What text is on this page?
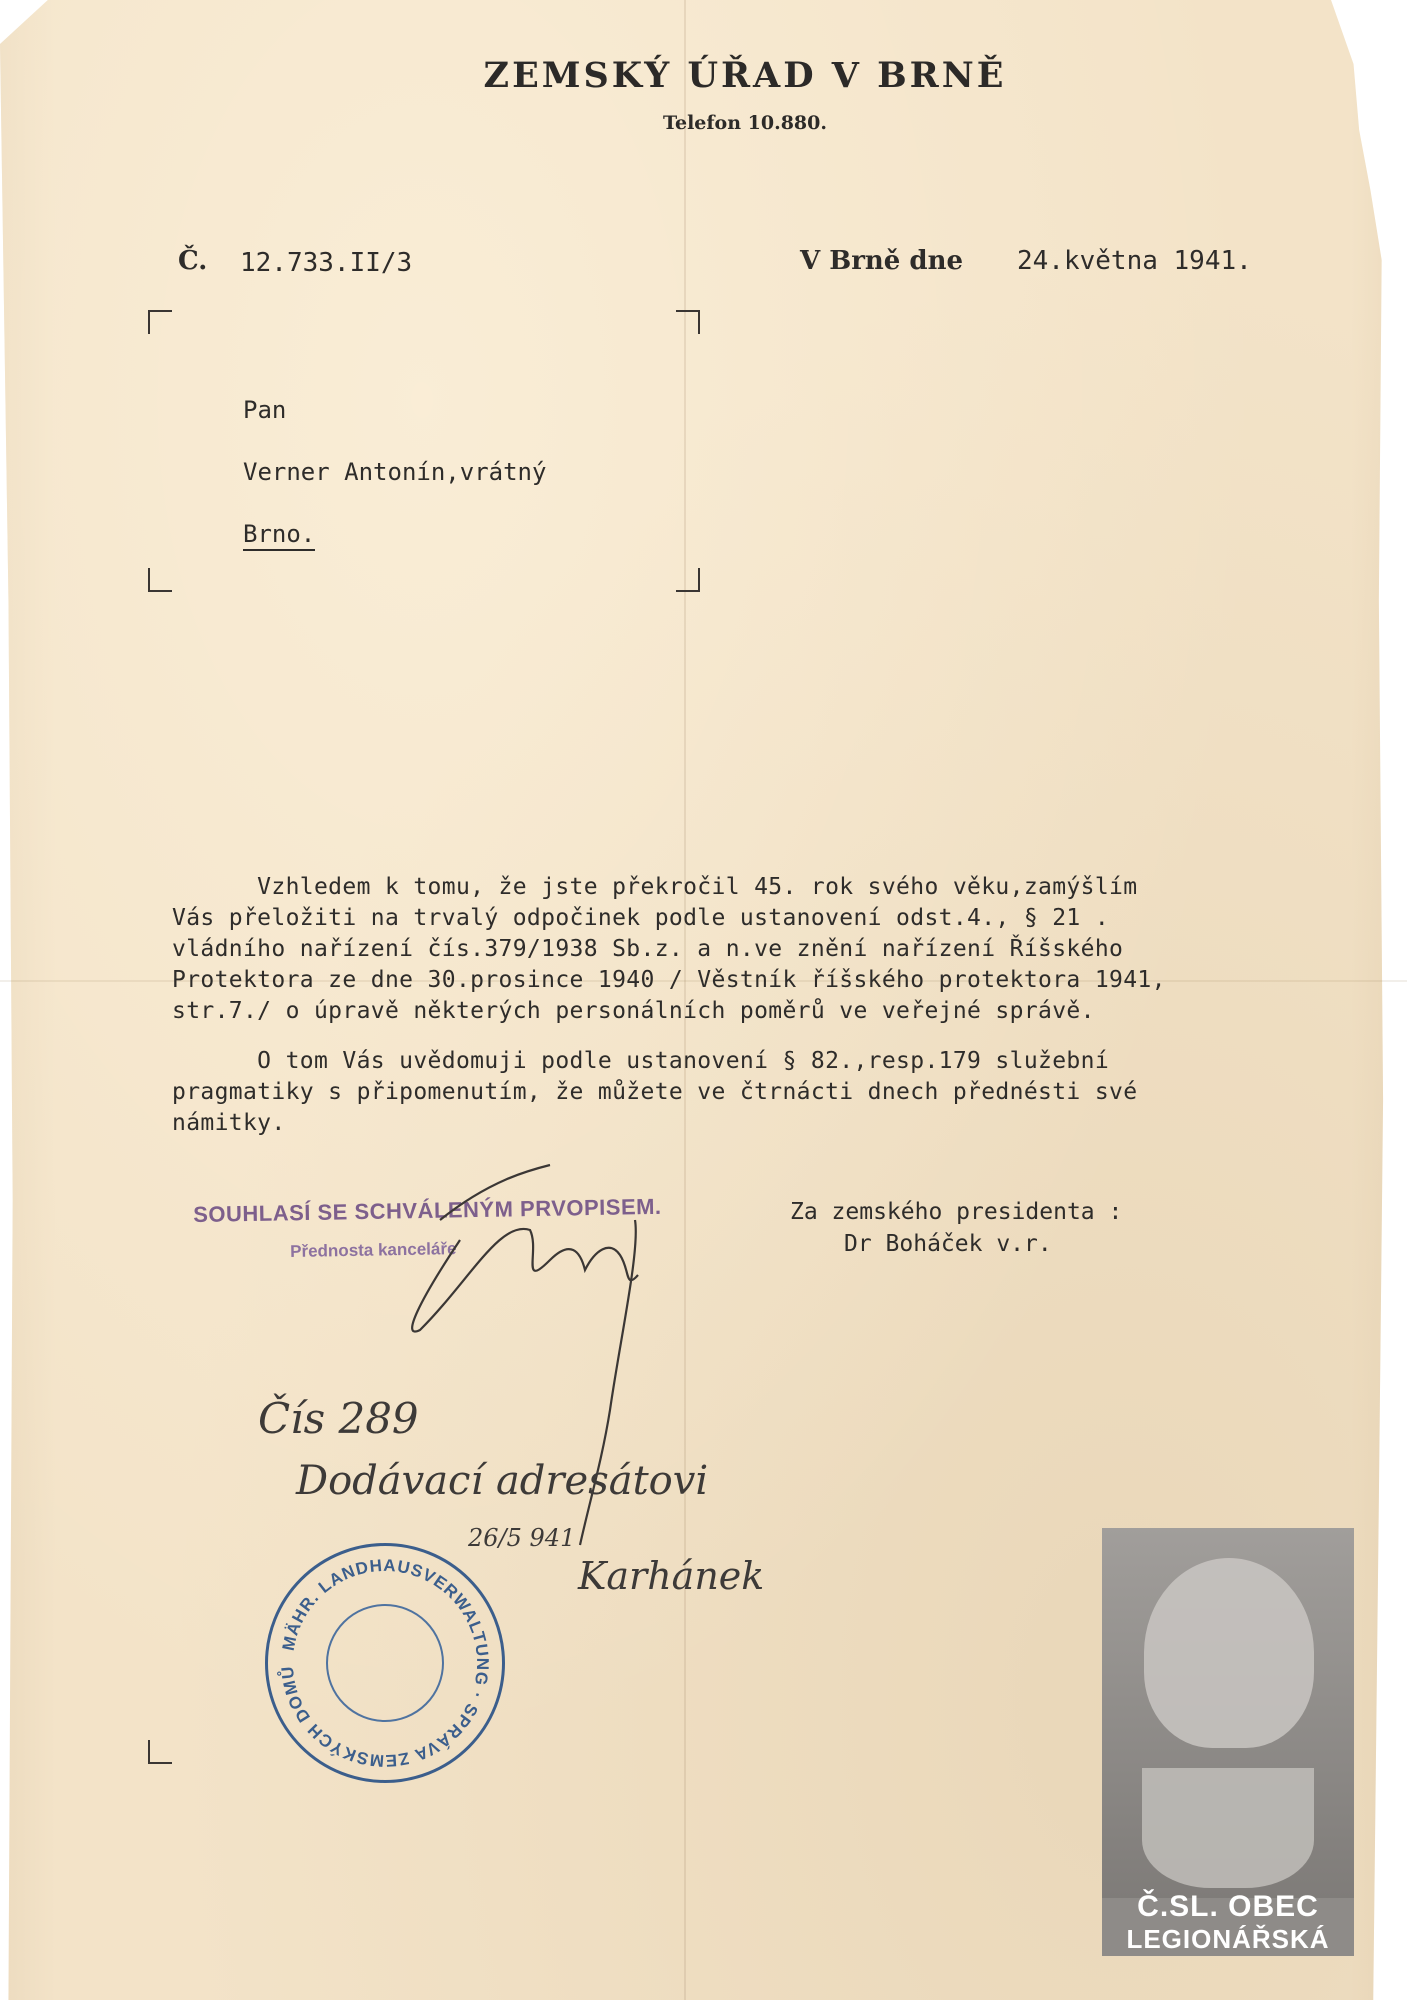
ZEMSKÝ ÚŘAD V BRNĚ
Telefon 10.880.
Č. 12.733.II/3	V Brně dne 24.května 1941.
Pan
Verner Antonín,vrátný
Brno.
Vzhledem k tomu, že jste překročil 45. rok svého věku,zamýšlím
Vás přeložiti na trvalý odpočinek podle ustanovení odst.4., § 21 .
vládního nařízení čís.379/1938 Sb.z. a n.ve znění nařízení Říšského
Protektora ze dne 30.prosince 1940 / Věstník říšského protektora 1941,
str.7./ o úpravě některých personálních poměrů ve veřejné správě.
O tom Vás uvědomuji podle ustanovení § 82.,resp.179 služební
pragmatiky s připomenutím, že můžete ve čtrnácti dnech přednésti své
námitky.
SOUHLASÍ SE SCHVÁLENÝM PRVOPISEM.
Přednosta kanceláře
Za zemského presidenta :
Dr Boháček v.r.
Čís 289
Dodávací adresátovi
26/5 941
Karhánek
MÄHR. LANDHAUSVERWALTUNG · SPRÁVA ZEMSKÝCH DOMŮ
Č.SL. OBEC
LEGIONÁŘSKÁ
